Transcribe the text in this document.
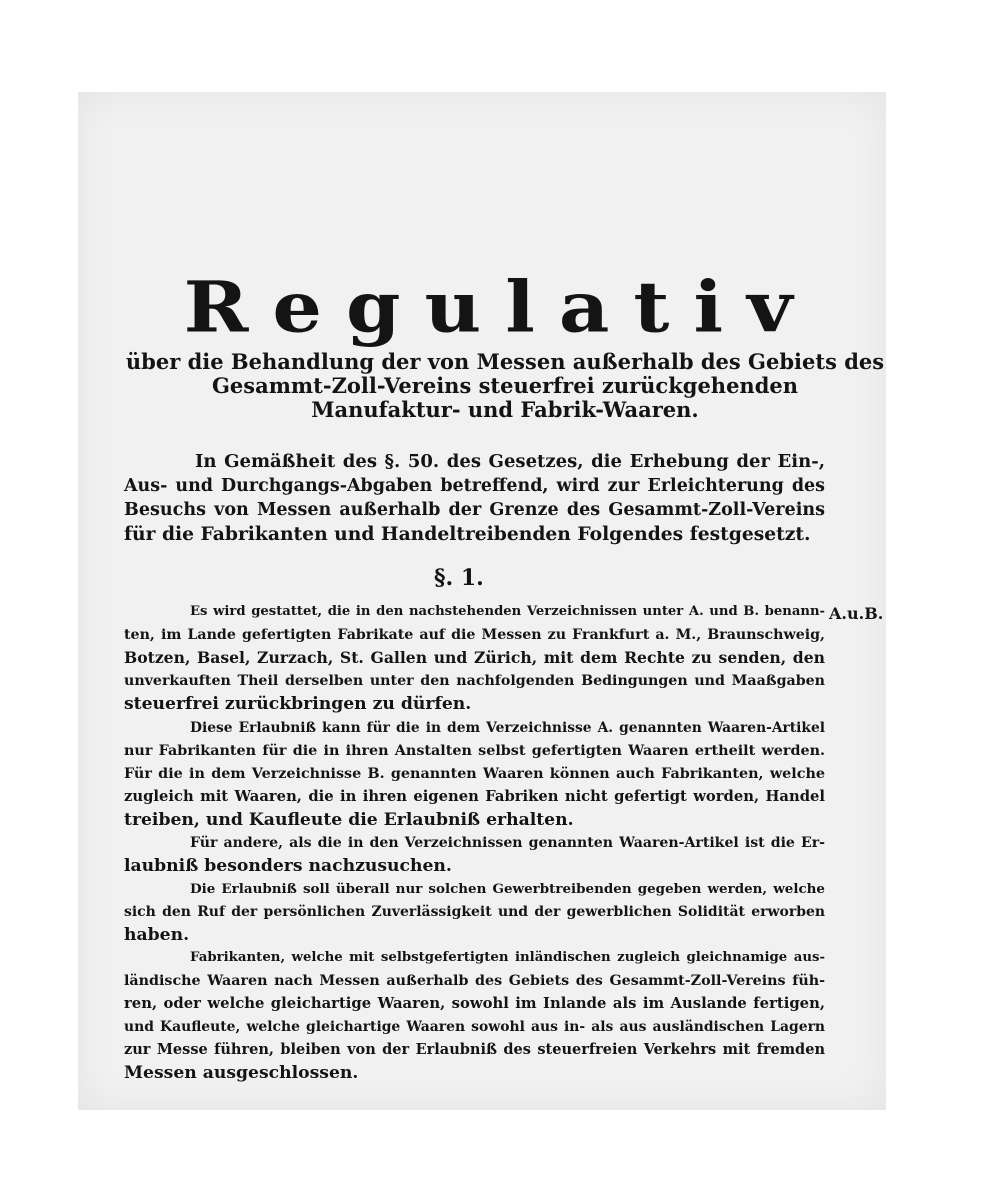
Regulativ
über die Behandlung der von Messen außerhalb des Gebiets des
Gesammt-Zoll-Vereins steuerfrei zurückgehenden
Manufaktur- und Fabrik-Waaren.
In Gemäßheit des §. 50. des Gesetzes, die Erhebung der Ein-,
Aus- und Durchgangs-Abgaben betreffend, wird zur Erleichterung des
Besuchs von Messen außerhalb der Grenze des Gesammt-Zoll-Vereins
für die Fabrikanten und Handeltreibenden Folgendes festgesetzt.
§. 1.
A.u.B.
Es wird gestattet, die in den nachstehenden Verzeichnissen unter A. und B. benann-
ten, im Lande gefertigten Fabrikate auf die Messen zu Frankfurt a. M., Braunschweig,
Botzen, Basel, Zurzach, St. Gallen und Zürich, mit dem Rechte zu senden, den
unverkauften Theil derselben unter den nachfolgenden Bedingungen und Maaßgaben
steuerfrei zurückbringen zu dürfen.
Diese Erlaubniß kann für die in dem Verzeichnisse A. genannten Waaren-Artikel
nur Fabrikanten für die in ihren Anstalten selbst gefertigten Waaren ertheilt werden.
Für die in dem Verzeichnisse B. genannten Waaren können auch Fabrikanten, welche
zugleich mit Waaren, die in ihren eigenen Fabriken nicht gefertigt worden, Handel
treiben, und Kaufleute die Erlaubniß erhalten.
Für andere, als die in den Verzeichnissen genannten Waaren-Artikel ist die Er-
laubniß besonders nachzusuchen.
Die Erlaubniß soll überall nur solchen Gewerbtreibenden gegeben werden, welche
sich den Ruf der persönlichen Zuverlässigkeit und der gewerblichen Solidität erworben
haben.
Fabrikanten, welche mit selbstgefertigten inländischen zugleich gleichnamige aus-
ländische Waaren nach Messen außerhalb des Gebiets des Gesammt-Zoll-Vereins füh-
ren, oder welche gleichartige Waaren, sowohl im Inlande als im Auslande fertigen,
und Kaufleute, welche gleichartige Waaren sowohl aus in- als aus ausländischen Lagern
zur Messe führen, bleiben von der Erlaubniß des steuerfreien Verkehrs mit fremden
Messen ausgeschlossen.
